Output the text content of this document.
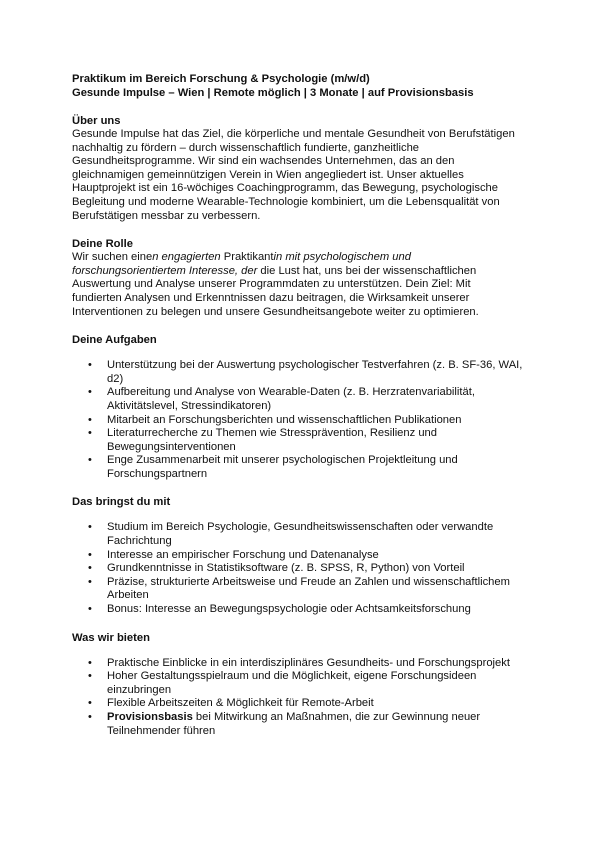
Praktikum im Bereich Forschung & Psychologie (m/w/d)
Gesunde Impulse – Wien | Remote möglich | 3 Monate | auf Provisionsbasis
Über uns

Gesunde Impulse hat das Ziel, die körperliche und mentale Gesundheit von Berufstätigen nachhaltig zu fördern – durch wissenschaftlich fundierte, ganzheitliche Gesundheitsprogramme. Wir sind ein wachsendes Unternehmen, das an den gleichnamigen gemeinnützigen Verein in Wien angegliedert ist. Unser aktuelles Hauptprojekt ist ein 16-wöchiges Coachingprogramm, das Bewegung, psychologische Begleitung und moderne Wearable-Technologie kombiniert, um die Lebensqualität von Berufstätigen messbar zu verbessern.

Deine Rolle

Wir suchen einen engagierten Praktikantin mit psychologischem und forschungsorientiertem Interesse, der die Lust hat, uns bei der wissenschaftlichen Auswertung und Analyse unserer Programmdaten zu unterstützen. Dein Ziel: Mit fundierten Analysen und Erkenntnissen dazu beitragen, die Wirksamkeit unserer Interventionen zu belegen und unsere Gesundheitsangebote weiter zu optimieren.

Deine Aufgaben
• Unterstützung bei der Auswertung psychologischer Testverfahren (z. B. SF-36, WAI, d2)
• Aufbereitung und Analyse von Wearable-Daten (z. B. Herzratenvariabilität, Aktivitätslevel, Stressindikatoren)
• Mitarbeit an Forschungsberichten und wissenschaftlichen Publikationen
• Literaturrecherche zu Themen wie Stressprävention, Resilienz und Bewegungsinterventionen
• Enge Zusammenarbeit mit unserer psychologischen Projektleitung und Forschungspartnern
Das bringst du mit
• Studium im Bereich Psychologie, Gesundheitswissenschaften oder verwandte Fachrichtung
• Interesse an empirischer Forschung und Datenanalyse
• Grundkenntnisse in Statistiksoftware (z. B. SPSS, R, Python) von Vorteil
• Präzise, strukturierte Arbeitsweise und Freude an Zahlen und wissenschaftlichem Arbeiten
• Bonus: Interesse an Bewegungspsychologie oder Achtsamkeitsforschung
Was wir bieten
• Praktische Einblicke in ein interdisziplinäres Gesundheits- und Forschungsprojekt
• Hoher Gestaltungsspielraum und die Möglichkeit, eigene Forschungsideen einzubringen
• Flexible Arbeitszeiten & Möglichkeit für Remote-Arbeit
• Provisionsbasis bei Mitwirkung an Maßnahmen, die zur Gewinnung neuer Teilnehmender führen
